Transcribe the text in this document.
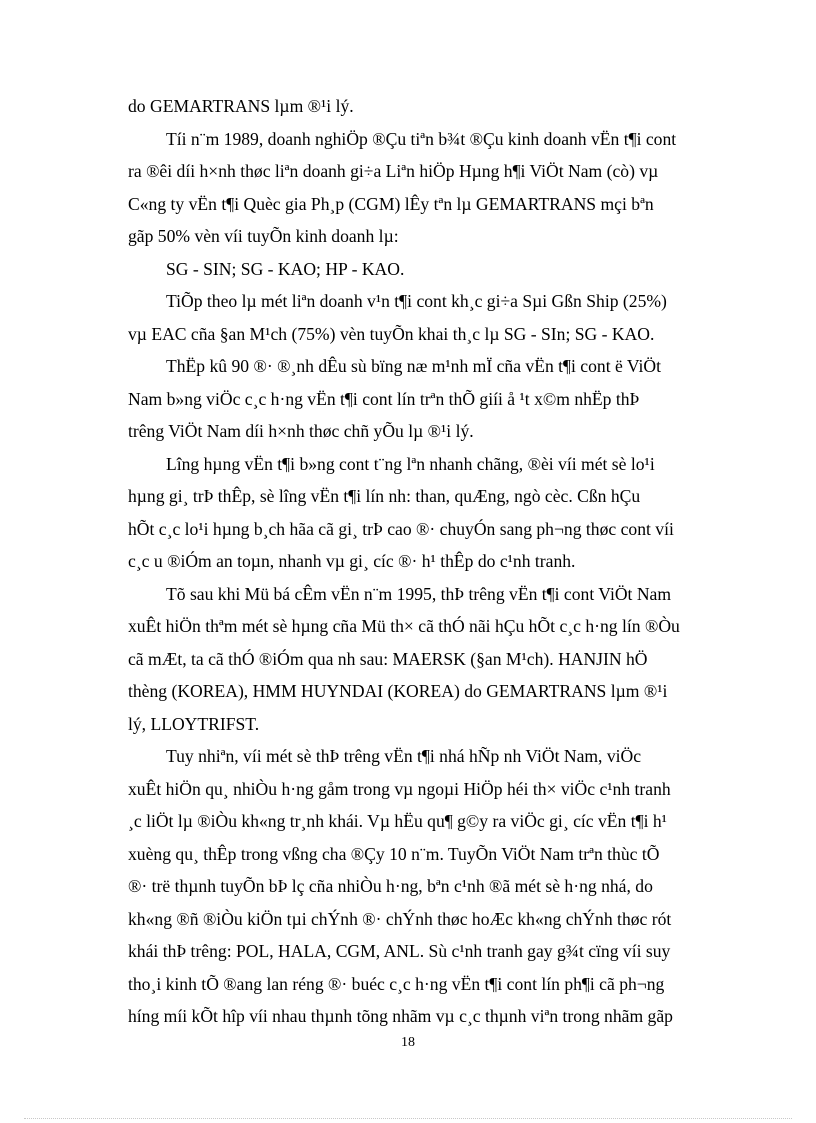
do GEMARTRANS lµm ®¹i lý.
Tíi n¨m 1989, doanh nghiÖp ®Çu tiªn b¾t ®Çu kinh doanh vËn t¶i cont
ra ®êi díi h×nh thøc liªn doanh gi÷a Liªn hiÖp Hµng h¶i ViÖt Nam (cò) vµ
C«ng ty vËn t¶i Quèc gia Ph¸p (CGM) lÊy tªn lµ GEMARTRANS mçi bªn
gãp 50% vèn víi tuyÕn kinh doanh lµ:
SG - SIN; SG - KAO; HP - KAO.
TiÕp theo lµ mét liªn doanh v¹n t¶i cont kh¸c gi÷a Sµi Gßn Ship (25%)
vµ EAC cña §an M¹ch (75%) vèn tuyÕn khai th¸c lµ SG - SIn; SG - KAO.
ThËp kû 90 ®· ®¸nh dÊu sù bïng næ m¹nh mÏ cña vËn t¶i cont ë ViÖt
Nam b»ng viÖc c¸c h·ng vËn t¶i cont lín trªn thÕ giíi å ¹t x©m nhËp thÞ
trêng ViÖt Nam díi h×nh thøc chñ yÕu lµ ®¹i lý.
Lîng hµng vËn t¶i b»ng cont t¨ng lªn nhanh chãng, ®èi víi mét sè lo¹i
hµng gi¸ trÞ thÊp, sè lîng vËn t¶i lín nh: than, quÆng, ngò cèc. Cßn hÇu
hÕt c¸c lo¹i hµng b¸ch hãa cã gi¸ trÞ cao ®· chuyÓn sang ph¬ng thøc cont víi
c¸c u ®iÓm an toµn, nhanh vµ gi¸ cíc ®· h¹ thÊp do c¹nh tranh.
Tõ sau khi Mü bá cÊm vËn n¨m 1995, thÞ trêng vËn t¶i cont ViÖt Nam
xuÊt hiÖn thªm mét sè hµng cña Mü th× cã thÓ nãi hÇu hÕt c¸c h·ng lín ®Òu
cã mÆt, ta cã thÓ ®iÓm qua nh sau: MAERSK (§an M¹ch). HANJIN hÖ
thèng (KOREA), HMM HUYNDAI (KOREA) do GEMARTRANS lµm ®¹i
lý, LLOYTRIFST.
Tuy nhiªn, víi mét sè thÞ trêng vËn t¶i nhá hÑp nh ViÖt Nam, viÖc
xuÊt hiÖn qu¸ nhiÒu h·ng gåm trong vµ ngoµi HiÖp héi th× viÖc c¹nh tranh
¸c liÖt lµ ®iÒu kh«ng tr¸nh khái. Vµ hËu qu¶ g©y ra viÖc gi¸ cíc vËn t¶i h¹
xuèng qu¸ thÊp trong vßng cha ®Çy 10 n¨m. TuyÕn ViÖt Nam trªn thùc tÕ
®· trë thµnh tuyÕn bÞ lç cña nhiÒu h·ng, bªn c¹nh ®ã mét sè h·ng nhá, do
kh«ng ®ñ ®iÒu kiÖn tµi chÝnh ®· chÝnh thøc hoÆc kh«ng chÝnh thøc rót
khái thÞ trêng: POL, HALA, CGM, ANL. Sù c¹nh tranh gay g¾t cïng víi suy
tho¸i kinh tÕ ®ang lan réng ®· buéc c¸c h·ng vËn t¶i cont lín ph¶i cã ph¬ng
híng míi kÕt hîp víi nhau thµnh tõng nhãm vµ c¸c thµnh viªn trong nhãm gãp
18
